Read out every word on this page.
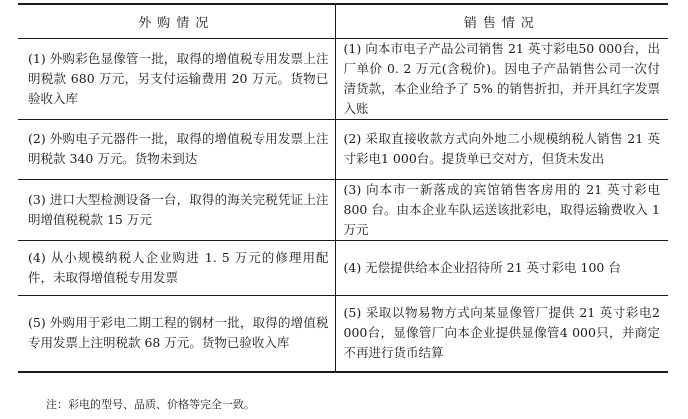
外购情况	销售情况
(1) 外购彩色显像管一批，取得的增值税专用发票上注明税款 680 万元，另支付运输费用 20 万元。货物已验收入库	(1) 向本市电子产品公司销售 21 英寸彩电50 000台，出厂单价 0. 2 万元(含税价)。因电子产品销售公司一次付清货款，本企业给予了 5% 的销售折扣，并开具红字发票入账
(2) 外购电子元器件一批，取得的增值税专用发票上注明税款 340 万元。货物未到达	(2) 采取直接收款方式向外地二小规模纳税人销售 21 英寸彩电1 000台。提货单已交对方，但货未发出
(3) 进口大型检测设备一台，取得的海关完税凭证上注明增值税税款 15 万元	(3) 向本市一新落成的宾馆销售客房用的 21 英寸彩电 800 台。由本企业车队运送该批彩电，取得运输费收入 1 万元
(4) 从小规模纳税人企业购进 1. 5 万元的修理用配件，未取得增值税专用发票	(4) 无偿提供给本企业招待所 21 英寸彩电 100 台
(5) 外购用于彩电二期工程的钢材一批，取得的增值税专用发票上注明税款 68 万元。货物已验收入库	(5) 采取以物易物方式向某显像管厂提供 21 英寸彩电2 000台，显像管厂向本企业提供显像管4 000只，并商定不再进行货币结算
注：彩电的型号、品质、价格等完全一致。
